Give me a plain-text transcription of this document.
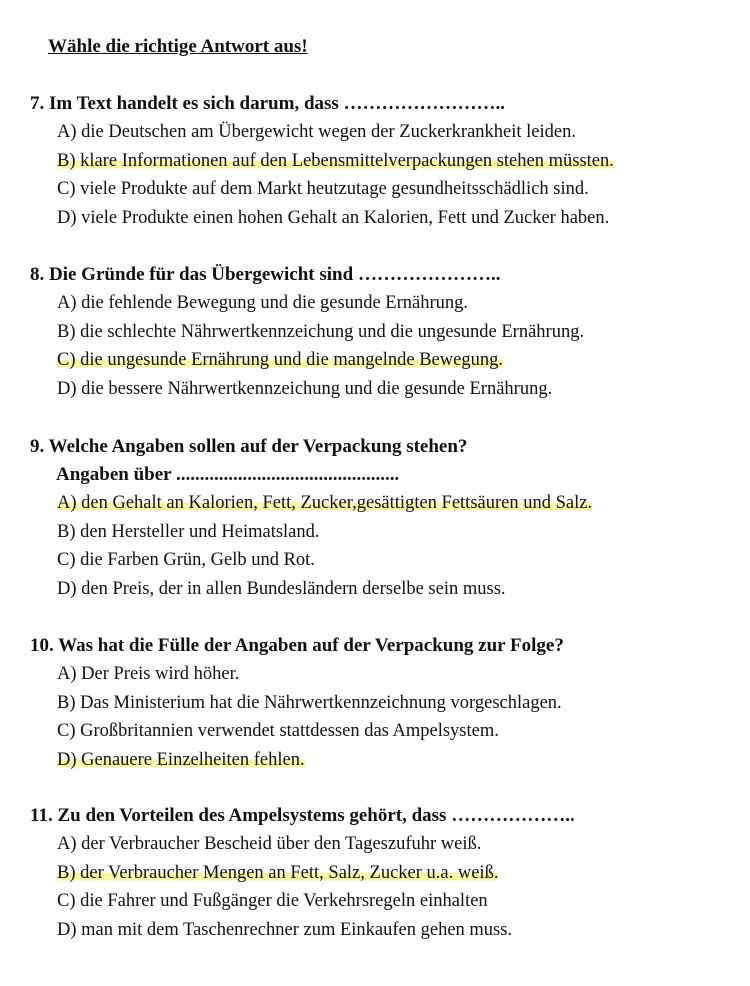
Wähle die richtige Antwort aus!
7. Im Text handelt es sich darum, dass ……………………..
A) die Deutschen am Übergewicht wegen der Zuckerkrankheit leiden.
B) klare Informationen auf den Lebensmittelverpackungen stehen müssten.
C) viele Produkte auf dem Markt heutzutage gesundheitsschädlich sind.
D) viele Produkte einen hohen Gehalt an Kalorien, Fett und Zucker haben.
8. Die Gründe für das Übergewicht sind …………………..
A) die fehlende Bewegung und die gesunde Ernährung.
B) die schlechte Nährwertkennzeichung und die ungesunde Ernährung.
C) die ungesunde Ernährung und die mangelnde Bewegung.
D) die bessere Nährwertkennzeichung und die gesunde Ernährung.
9. Welche Angaben sollen auf der Verpackung stehen?
Angaben über ...............................................
A) den Gehalt an Kalorien, Fett, Zucker,gesättigten Fettsäuren und Salz.
B) den Hersteller und Heimatsland.
C) die Farben Grün, Gelb und Rot.
D) den Preis, der in allen Bundesländern derselbe sein muss.
10. Was hat die Fülle der Angaben auf der Verpackung zur Folge?
A) Der Preis wird höher.
B) Das Ministerium hat die Nährwertkennzeichnung vorgeschlagen.
C) Großbritannien verwendet stattdessen das Ampelsystem.
D) Genauere Einzelheiten fehlen.
11. Zu den Vorteilen des Ampelsystems gehört, dass ………………..
A) der Verbraucher Bescheid über den Tageszufuhr weiß.
B) der Verbraucher Mengen an Fett, Salz, Zucker u.a. weiß.
C) die Fahrer und Fußgänger die Verkehrsregeln einhalten
D) man mit dem Taschenrechner zum Einkaufen gehen muss.
